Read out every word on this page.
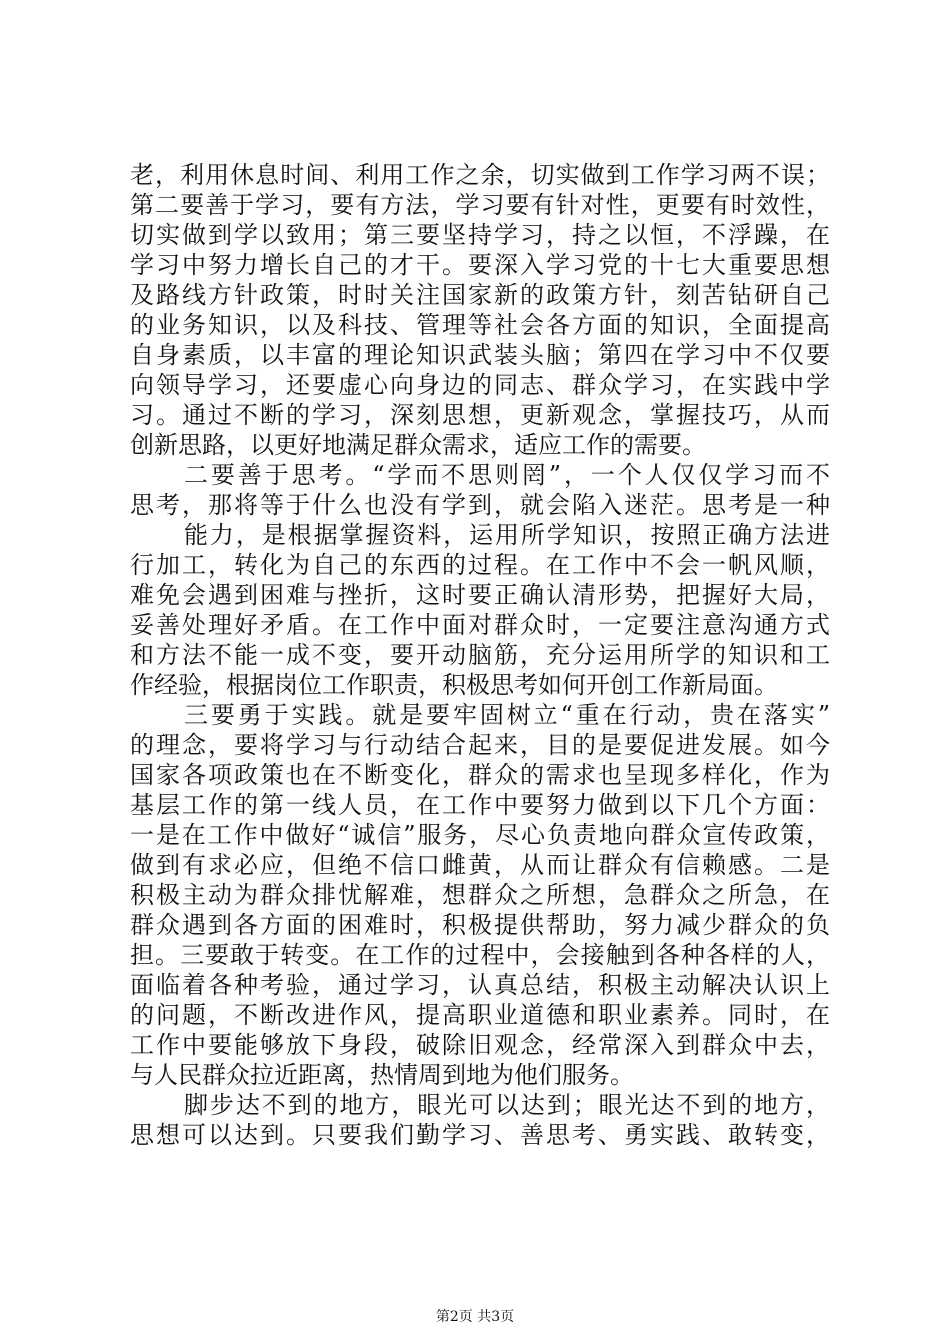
老，利用休息时间、利用工作之余，切实做到工作学习两不误；
第二要善于学习，要有方法，学习要有针对性，更要有时效性，
切实做到学以致用；第三要坚持学习，持之以恒，不浮躁，在
学习中努力增长自己的才干。要深入学习党的十七大重要思想
及路线方针政策，时时关注国家新的政策方针，刻苦钻研自己
的业务知识，以及科技、管理等社会各方面的知识，全面提高
自身素质，以丰富的理论知识武装头脑；第四在学习中不仅要
向领导学习，还要虚心向身边的同志、群众学习，在实践中学
习。通过不断的学习，深刻思想，更新观念，掌握技巧，从而
创新思路，以更好地满足群众需求，适应工作的需要。
二要善于思考。“学而不思则罔”，一个人仅仅学习而不
思考，那将等于什么也没有学到，就会陷入迷茫。思考是一种
能力，是根据掌握资料，运用所学知识，按照正确方法进
行加工，转化为自己的东西的过程。在工作中不会一帆风顺，
难免会遇到困难与挫折，这时要正确认清形势，把握好大局，
妥善处理好矛盾。在工作中面对群众时，一定要注意沟通方式
和方法不能一成不变，要开动脑筋，充分运用所学的知识和工
作经验，根据岗位工作职责，积极思考如何开创工作新局面。
三要勇于实践。就是要牢固树立“重在行动，贵在落实”
的理念，要将学习与行动结合起来，目的是要促进发展。如今
国家各项政策也在不断变化，群众的需求也呈现多样化，作为
基层工作的第一线人员，在工作中要努力做到以下几个方面：
一是在工作中做好“诚信”服务，尽心负责地向群众宣传政策，
做到有求必应，但绝不信口雌黄，从而让群众有信赖感。二是
积极主动为群众排忧解难，想群众之所想，急群众之所急，在
群众遇到各方面的困难时，积极提供帮助，努力减少群众的负
担。三要敢于转变。在工作的过程中，会接触到各种各样的人，
面临着各种考验，通过学习，认真总结，积极主动解决认识上
的问题，不断改进作风，提高职业道德和职业素养。同时，在
工作中要能够放下身段，破除旧观念，经常深入到群众中去，
与人民群众拉近距离，热情周到地为他们服务。
脚步达不到的地方，眼光可以达到；眼光达不到的地方，
思想可以达到。只要我们勤学习、善思考、勇实践、敢转变，
第2页 共3页
